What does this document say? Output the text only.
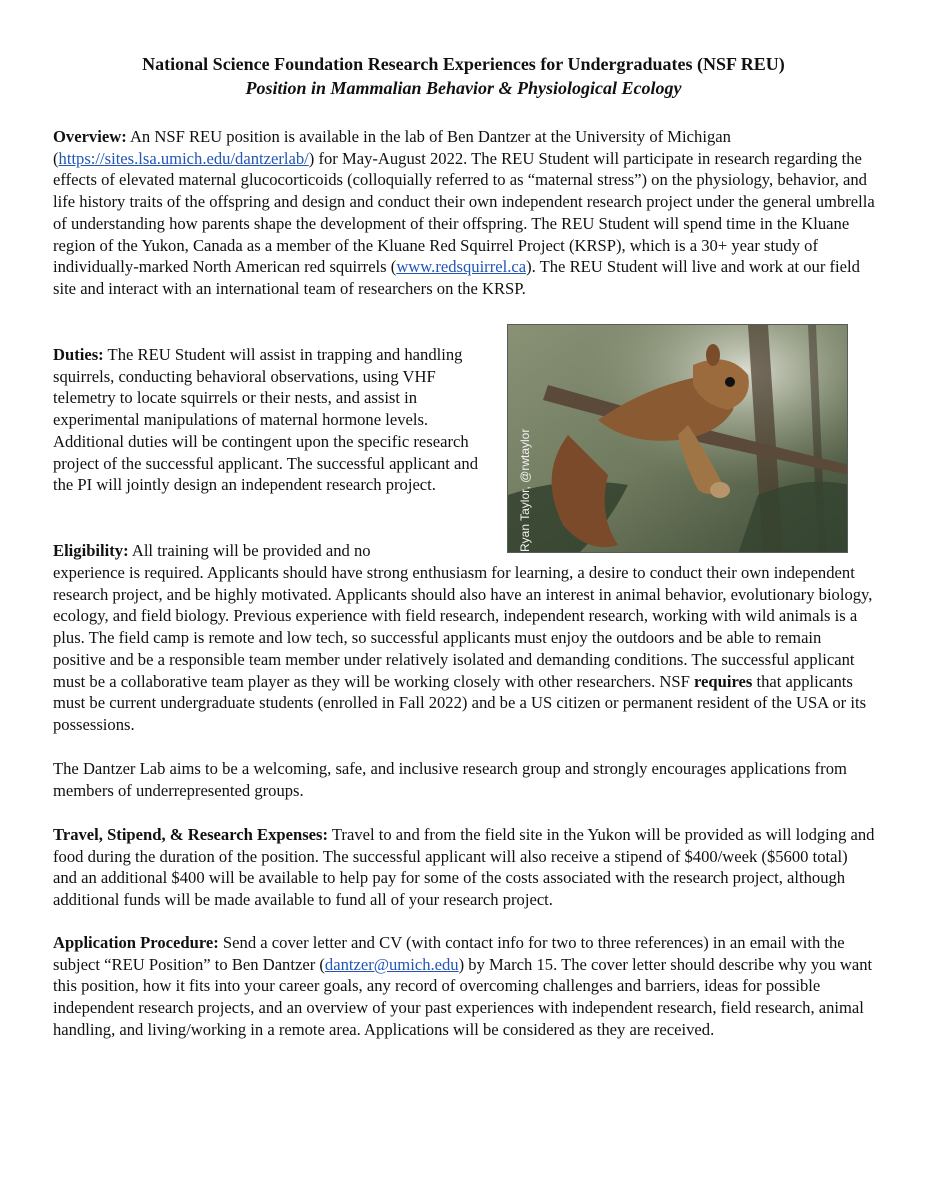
National Science Foundation Research Experiences for Undergraduates (NSF REU)

Position in Mammalian Behavior & Physiological Ecology

Overview: An NSF REU position is available in the lab of Ben Dantzer at the University of Michigan (https://sites.lsa.umich.edu/dantzerlab/) for May-August 2022. The REU Student will participate in research regarding the effects of elevated maternal glucocorticoids (colloquially referred to as “maternal stress”) on the physiology, behavior, and life history traits of the offspring and design and conduct their own independent research project under the general umbrella of understanding how parents shape the development of their offspring. The REU Student will spend time in the Kluane region of the Yukon, Canada as a member of the Kluane Red Squirrel Project (KRSP), which is a 30+ year study of individually-marked North American red squirrels (www.redsquirrel.ca). The REU Student will live and work at our field site and interact with an international team of researchers on the KRSP.

Duties: The REU Student will assist in trapping and handling squirrels, conducting behavioral observations, using VHF telemetry to locate squirrels or their nests, and assist in experimental manipulations of maternal hormone levels. Additional duties will be contingent upon the specific research project of the successful applicant. The successful applicant and the PI will jointly design an independent research project.	Ryan Taylor, @rwtaylor

Eligibility: All training will be provided and no

experience is required. Applicants should have strong enthusiasm for learning, a desire to conduct their own independent research project, and be highly motivated. Applicants should also have an interest in animal behavior, evolutionary biology, ecology, and field biology. Previous experience with field research, independent research, working with wild animals is a plus. The field camp is remote and low tech, so successful applicants must enjoy the outdoors and be able to remain positive and be a responsible team member under relatively isolated and demanding conditions. The successful applicant must be a collaborative team player as they will be working closely with other researchers. NSF requires that applicants must be current undergraduate students (enrolled in Fall 2022) and be a US citizen or permanent resident of the USA or its possessions.

The Dantzer Lab aims to be a welcoming, safe, and inclusive research group and strongly encourages applications from members of underrepresented groups.

Travel, Stipend, & Research Expenses: Travel to and from the field site in the Yukon will be provided as will lodging and food during the duration of the position. The successful applicant will also receive a stipend of $400/week ($5600 total) and an additional $400 will be available to help pay for some of the costs associated with the research project, although additional funds will be made available to fund all of your research project.

Application Procedure: Send a cover letter and CV (with contact info for two to three references) in an email with the subject “REU Position” to Ben Dantzer (dantzer@umich.edu) by March 15. The cover letter should describe why you want this position, how it fits into your career goals, any record of overcoming challenges and barriers, ideas for possible independent research projects, and an overview of your past experiences with independent research, field research, animal handling, and living/working in a remote area. Applications will be considered as they are received.
